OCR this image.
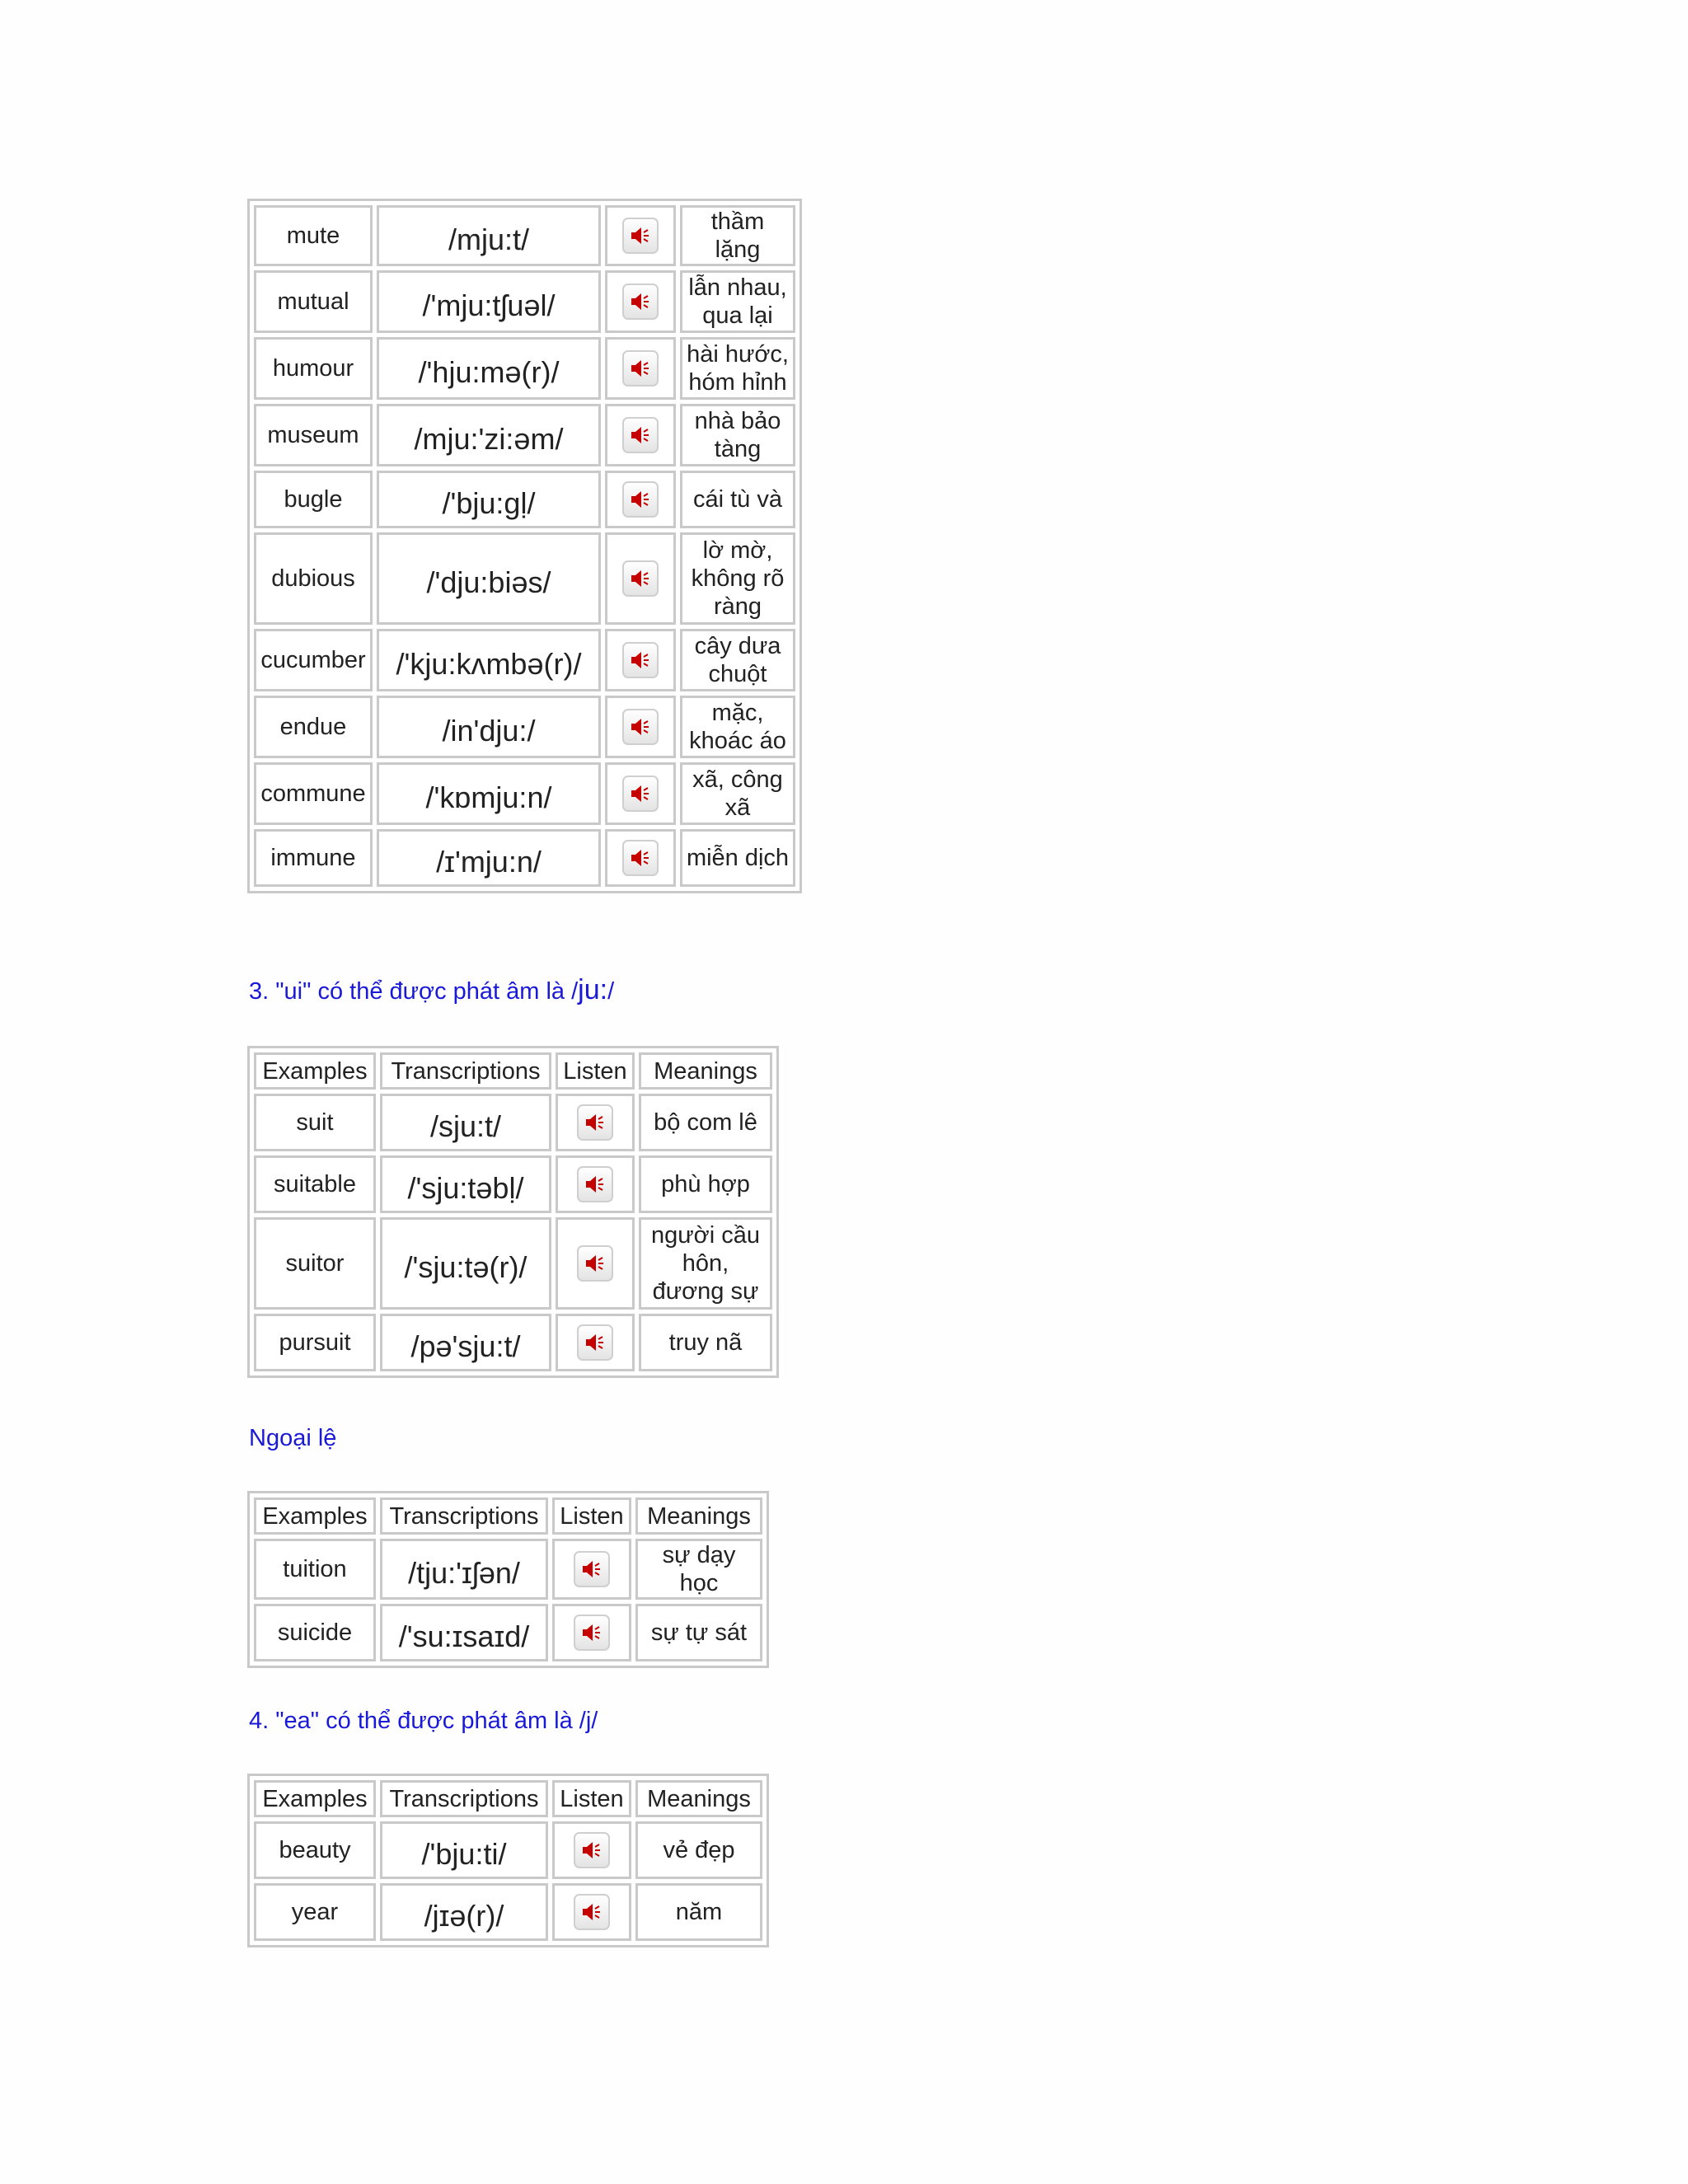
mute	/mju:t/		thầm lặng
mutual	/'mju:tʃuəl/		lẫn nhau, qua lại
humour	/'hju:mə(r)/		hài hước, hóm hỉnh
museum	/mju:'zi:əm/		nhà bảo tàng
bugle	/'bju:gḷ/		cái tù và
dubious	/'dju:biəs/		lờ mờ, không rõ ràng
cucumber	/'kju:kʌmbə(r)/		cây dưa chuột
endue	/in'dju:/		mặc, khoác áo
commune	/'kɒmju:n/		xã, công xã
immune	/ɪ'mju:n/		miễn dịch

3. "ui" có thể được phát âm là /ju:/

Examples	Transcriptions	Listen	Meanings
suit	/sju:t/		bộ com lê
suitable	/'sju:təbḷ/		phù hợp
suitor	/'sju:tə(r)/		người cầu hôn, đương sự
pursuit	/pə'sju:t/		truy nã

Ngoại lệ

Examples	Transcriptions	Listen	Meanings
tuition	/tju:'ɪʃən/		sự dạy học
suicide	/'su:ɪsaɪd/		sự tự sát

4. "ea" có thể được phát âm là /j/

Examples	Transcriptions	Listen	Meanings
beauty	/'bju:ti/		vẻ đẹp
year	/jɪə(r)/		năm
